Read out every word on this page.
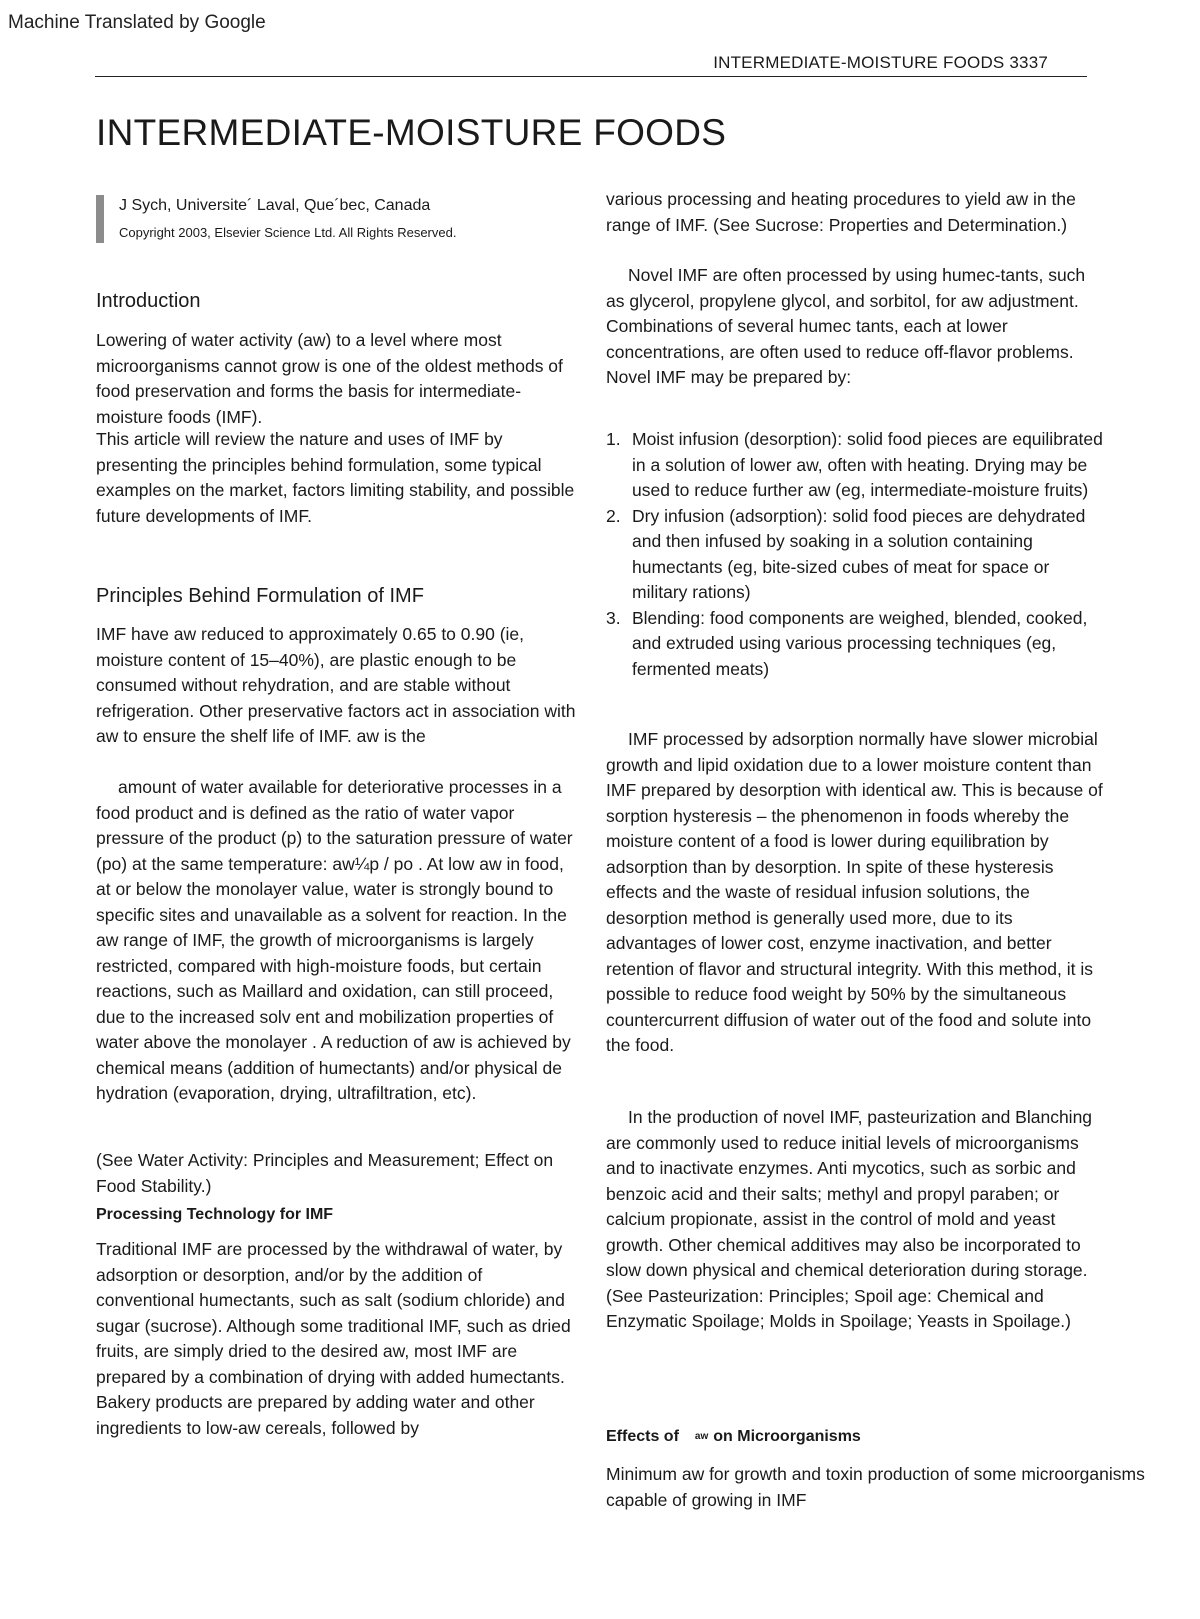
Machine Translated by Google
INTERMEDIATE-MOISTURE FOODS 3337
INTERMEDIATE-MOISTURE FOODS
J Sych, Universite´ Laval, Que´bec, Canada
Copyright 2003, Elsevier Science Ltd. All Rights Reserved.
Introduction

Lowering of water activity (aw) to a level where most microorganisms cannot grow is one of the oldest methods of food preservation and forms the basis for intermediate-moisture foods (IMF).

This article will review the nature and uses of IMF by presenting the principles behind formulation, some typical examples on the market, factors limiting stability, and possible future developments of IMF.

Principles Behind Formulation of IMF

IMF have aw reduced to approximately 0.65 to 0.90 (ie, moisture content of 15–40%), are plastic enough to be consumed without rehydration, and are stable without refrigeration. Other preservative factors act in association with aw to ensure the shelf life of IMF. aw is the

amount of water available for deteriorative processes in a food product and is defined as the ratio of water vapor pressure of the product (p) to the saturation pressure of water (po) at the same temperature: aw¼p / po . At low aw in food, at or below the monolayer value, water is strongly bound to specific sites and unavailable as a solvent for reaction. In the aw range of IMF, the growth of microorganisms is largely restricted, compared with high-moisture foods, but certain reactions, such as Maillard and oxidation, can still proceed, due to the increased solv ent and mobilization properties of water above the monolayer . A reduction of aw is achieved by chemical means (addition of humectants) and/or physical de hydration (evaporation, drying, ultrafiltration, etc).

(See Water Activity: Principles and Measurement; Effect on Food Stability.)

Processing Technology for IMF

Traditional IMF are processed by the withdrawal of water, by adsorption or desorption, and/or by the addition of conventional humectants, such as salt (sodium chloride) and sugar (sucrose). Although some traditional IMF, such as dried fruits, are simply dried to the desired aw, most IMF are prepared by a combination of drying with added humectants. Bakery products are prepared by adding water and other ingredients to low-aw cereals, followed by

various processing and heating procedures to yield aw in the range of IMF. (See Sucrose: Properties and Determination.)

Novel IMF are often processed by using humec-tants, such as glycerol, propylene glycol, and sorbitol, for aw adjustment. Combinations of several humec tants, each at lower concentrations, are often used to reduce off-flavor problems. Novel IMF may be prepared by:

1. Moist infusion (desorption): solid food pieces are equilibrated in a solution of lower aw, often with heating. Drying may be used to reduce further aw (eg, intermediate-moisture fruits)
2. Dry infusion (adsorption): solid food pieces are dehydrated and then infused by soaking in a solution containing humectants (eg, bite-sized cubes of meat for space or military rations)
3. Blending: food components are weighed, blended, cooked, and extruded using various processing techniques (eg, fermented meats)

IMF processed by adsorption normally have slower microbial growth and lipid oxidation due to a lower moisture content than IMF prepared by desorption with identical aw. This is because of sorption hysteresis – the phenomenon in foods whereby the moisture content of a food is lower during equilibration by adsorption than by desorption. In spite of these hysteresis effects and the waste of residual infusion solutions, the desorption method is generally used more, due to its advantages of lower cost, enzyme inactivation, and better retention of flavor and structural integrity. With this method, it is possible to reduce food weight by 50% by the simultaneous countercurrent diffusion of water out of the food and solute into the food.

In the production of novel IMF, pasteurization and Blanching are commonly used to reduce initial levels of microorganisms and to inactivate enzymes. Anti mycotics, such as sorbic and benzoic acid and their salts; methyl and propyl paraben; or calcium propionate, assist in the control of mold and yeast growth. Other chemical additives may also be incorporated to slow down physical and chemical deterioration during storage. (See Pasteurization: Principles; Spoil age: Chemical and Enzymatic Spoilage; Molds in Spoilage; Yeasts in Spoilage.)

Effects of aw on Microorganisms

Minimum aw for growth and toxin production of some microorganisms capable of growing in IMF
